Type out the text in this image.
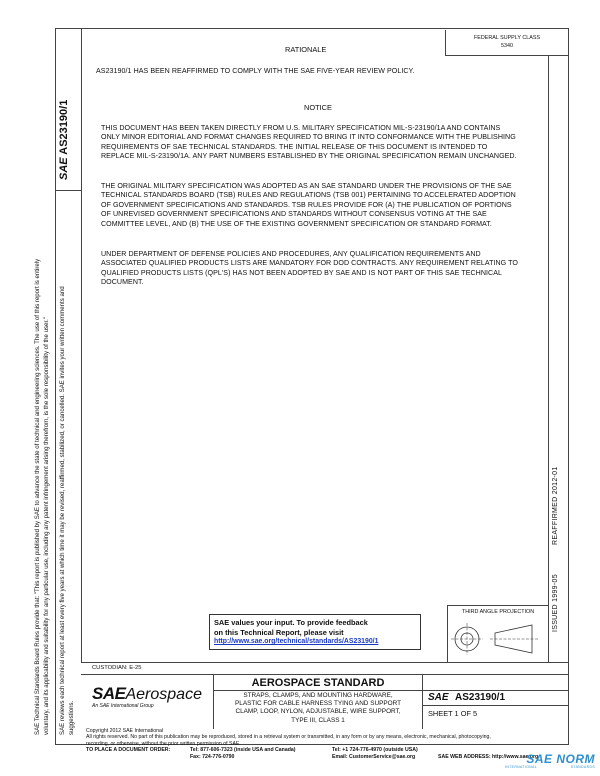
SAE Technical Standards Board Rules provide that: "This report is published by SAE to advance the state of technical and engineering sciences. The use of this report is entirely voluntary, and its applicability and suitability for any particular use, including any patent infringement arising therefrom, is the sole responsibility of the user." SAE reviews each technical report at least every five years at which time it may be revised, reaffirmed, stabilized, or cancelled. SAE invites your written comments and suggestions.
SAE AS23190/1
REAFFIRMED 2012-01
ISSUED 1999-05
FEDERAL SUPPLY CLASS
5340
RATIONALE
AS23190/1 HAS BEEN REAFFIRMED TO COMPLY WITH THE SAE FIVE-YEAR REVIEW POLICY.
NOTICE
THIS DOCUMENT HAS BEEN TAKEN DIRECTLY FROM U.S. MILITARY SPECIFICATION MIL-S-23190/1A AND CONTAINS ONLY MINOR EDITORIAL AND FORMAT CHANGES REQUIRED TO BRING IT INTO CONFORMANCE WITH THE PUBLISHING REQUIREMENTS OF SAE TECHNICAL STANDARDS. THE INITIAL RELEASE OF THIS DOCUMENT IS INTENDED TO REPLACE MIL-S-23190/1A. ANY PART NUMBERS ESTABLISHED BY THE ORIGINAL SPECIFICATION REMAIN UNCHANGED.
THE ORIGINAL MILITARY SPECIFICATION WAS ADOPTED AS AN SAE STANDARD UNDER THE PROVISIONS OF THE SAE TECHNICAL STANDARDS BOARD (TSB) RULES AND REGULATIONS (TSB 001) PERTAINING TO ACCELERATED ADOPTION OF GOVERNMENT SPECIFICATIONS AND STANDARDS. TSB RULES PROVIDE FOR (A) THE PUBLICATION OF PORTIONS OF UNREVISED GOVERNMENT SPECIFICATIONS AND STANDARDS WITHOUT CONSENSUS VOTING AT THE SAE COMMITTEE LEVEL, AND (B) THE USE OF THE EXISTING GOVERNMENT SPECIFICATION OR STANDARD FORMAT.
UNDER DEPARTMENT OF DEFENSE POLICIES AND PROCEDURES, ANY QUALIFICATION REQUIREMENTS AND ASSOCIATED QUALIFIED PRODUCTS LISTS ARE MANDATORY FOR DOD CONTRACTS. ANY REQUIREMENT RELATING TO QUALIFIED PRODUCTS LISTS (QPL'S) HAS NOT BEEN ADOPTED BY SAE AND IS NOT PART OF THIS SAE TECHNICAL DOCUMENT.
SAE values your input. To provide feedback
on this Technical Report, please visit
http://www.sae.org/technical/standards/AS23190/1
THIRD ANGLE PROJECTION
CUSTODIAN: E-25
SAEAerospace
An SAE International Group
AEROSPACE STANDARD
STRAPS, CLAMPS, AND MOUNTING HARDWARE,
PLASTIC FOR CABLE HARNESS TYING AND SUPPORT
CLAMP, LOOP, NYLON, ADJUSTABLE, WIRE SUPPORT,
TYPE III, CLASS 1
SAE AS23190/1
SHEET 1 OF 5
Copyright 2012 SAE International
All rights reserved. No part of this publication may be reproduced, stored in a retrieval system or transmitted, in any form or by any means, electronic, mechanical, photocopying,
recording, or otherwise, without the prior written permission of SAE.
TO PLACE A DOCUMENT ORDER:	Tel: 877-606-7323 (inside USA and Canada)
Fax: 724-776-0790
Tel: +1 724-776-4970 (outside USA)
Email: CustomerService@sae.org	SAE WEB ADDRESS: http://www.sae.org
SAE NORM
INTERNATIONAL	STANDARDS
